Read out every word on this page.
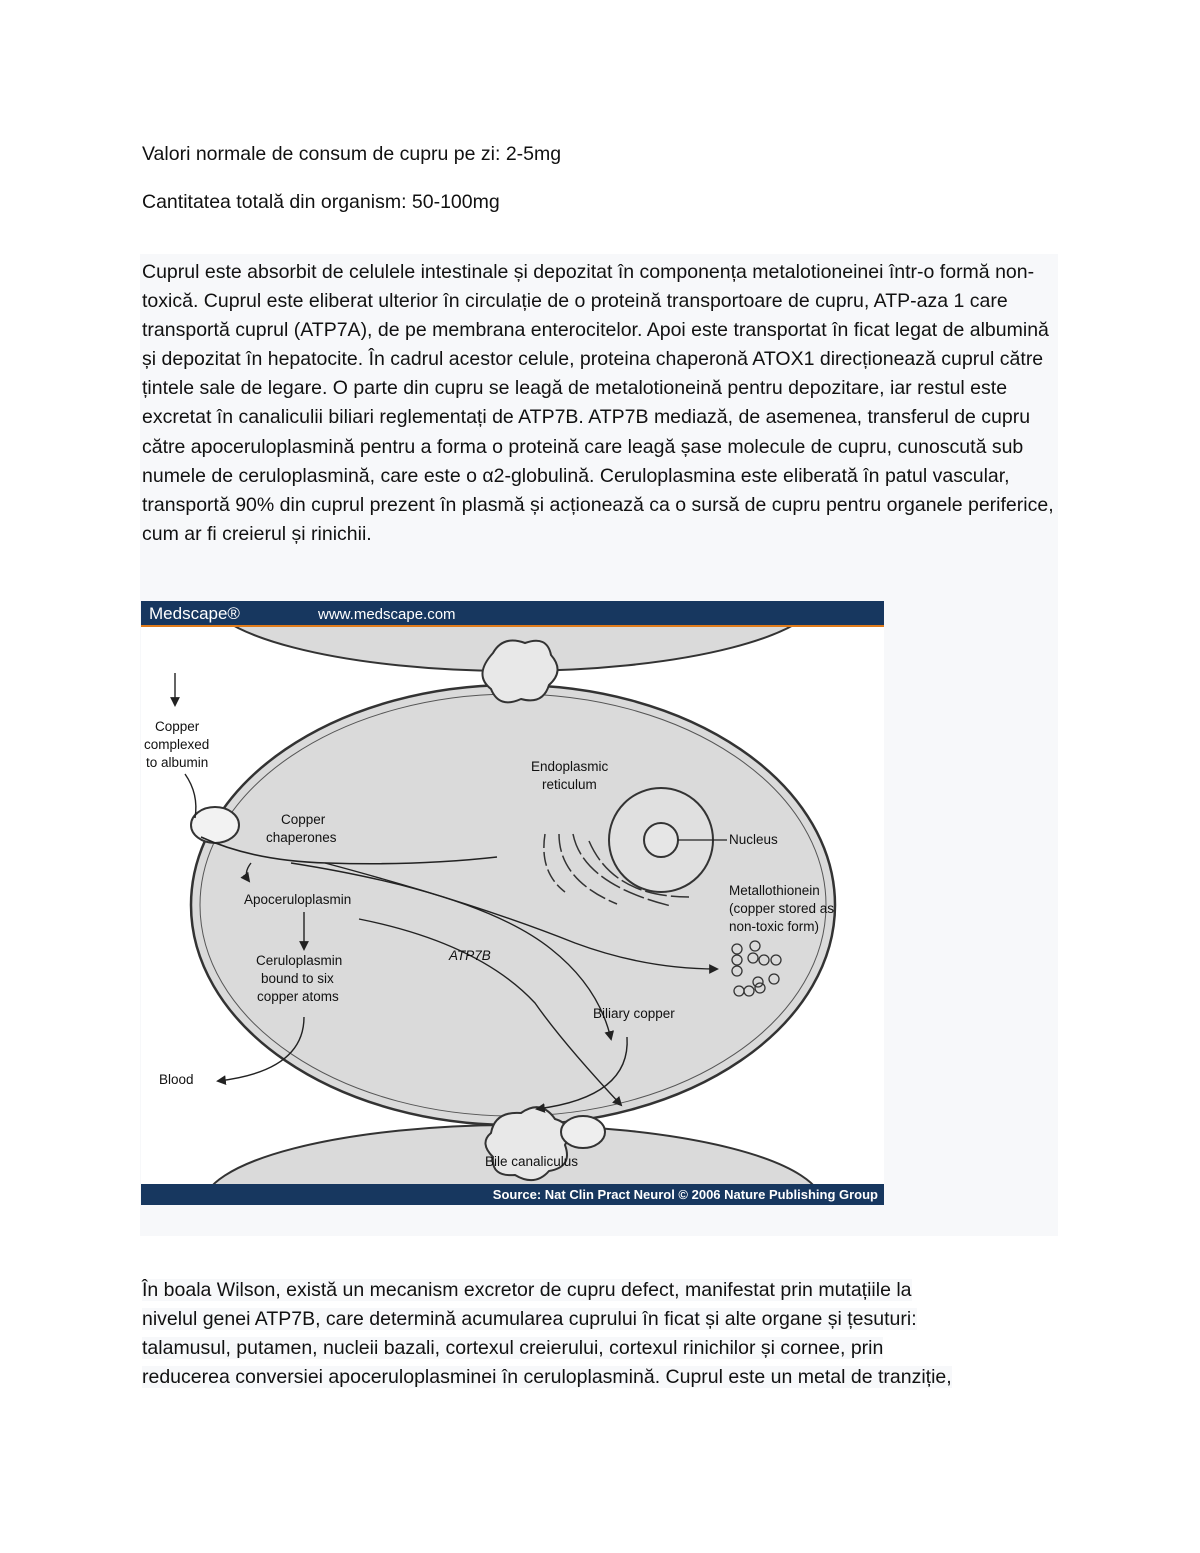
Valori normale de consum de cupru pe zi: 2-5mg
Cantitatea totală din organism: 50-100mg

Cuprul este absorbit de celulele intestinale și depozitat în componența metalotioneinei într-o formă non-toxică. Cuprul este eliberat ulterior în circulație de o proteină transportoare de cupru, ATP-aza 1 care transportă cuprul (ATP7A), de pe membrana enterocitelor. Apoi este transportat în ficat legat de albumină și depozitat în hepatocite. În cadrul acestor celule, proteina chaperonă ATOX1 direcționează cuprul către țintele sale de legare. O parte din cupru se leagă de metalotioneină pentru depozitare, iar restul este excretat în canaliculii biliari reglementați de ATP7B. ATP7B mediază, de asemenea, transferul de cupru către apoceruloplasmină pentru a forma o proteină care leagă șase molecule de cupru, cunoscută sub numele de ceruloplasmină, care este o α2-globulină. Ceruloplasmina este eliberată în patul vascular, transportă 90% din cuprul prezent în plasmă și acționează ca o sursă de cupru pentru organele periferice, cum ar fi creierul și rinichii.

Medscape®	www.medscape.com
Copper
complexed
to albumin
Copper
chaperones
Endoplasmic
reticulum
Nucleus
Metallothionein
(copper stored as
non-toxic form)
Apoceruloplasmin
Ceruloplasmin
bound to six
copper atoms
ATP7B
Biliary copper
Blood
Bile canaliculus
Source: Nat Clin Pract Neurol © 2006 Nature Publishing Group

În boala Wilson, există un mecanism excretor de cupru defect, manifestat prin mutațiile la
nivelul genei ATP7B, care determină acumularea cuprului în ficat și alte organe și țesuturi:
talamusul, putamen, nucleii bazali, cortexul creierului, cortexul rinichilor și cornee, prin
reducerea conversiei apoceruloplasminei în ceruloplasmină. Cuprul este un metal de tranziție,
